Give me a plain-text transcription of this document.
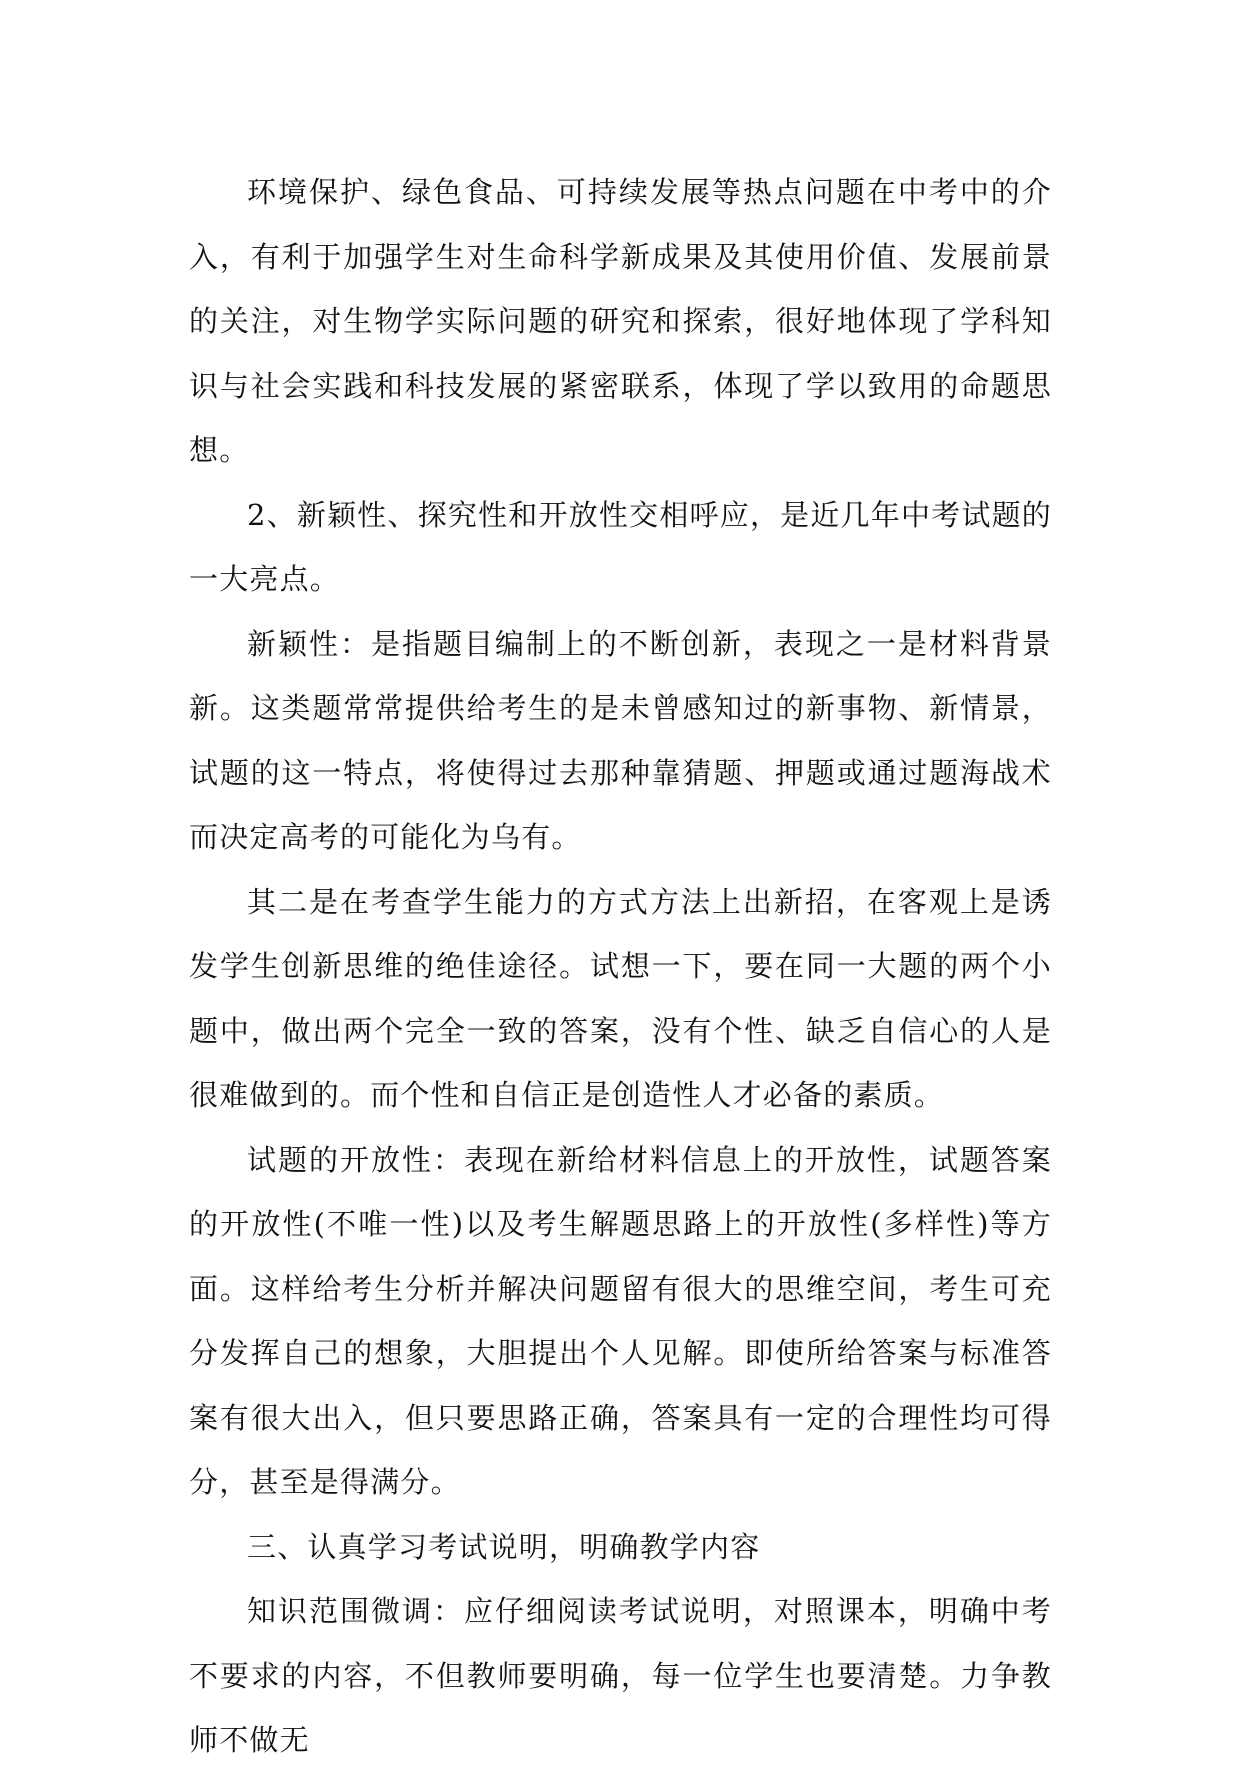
环境保护、绿色食品、可持续发展等热点问题在中考中的介入，有利于加强学生对生命科学新成果及其使用价值、发展前景的关注，对生物学实际问题的研究和探索，很好地体现了学科知识与社会实践和科技发展的紧密联系，体现了学以致用的命题思想。

2、新颖性、探究性和开放性交相呼应，是近几年中考试题的一大亮点。

新颖性：是指题目编制上的不断创新，表现之一是材料背景新。这类题常常提供给考生的是未曾感知过的新事物、新情景，试题的这一特点，将使得过去那种靠猜题、押题或通过题海战术而决定高考的可能化为乌有。

其二是在考查学生能力的方式方法上出新招，在客观上是诱发学生创新思维的绝佳途径。试想一下，要在同一大题的两个小题中，做出两个完全一致的答案，没有个性、缺乏自信心的人是很难做到的。而个性和自信正是创造性人才必备的素质。

试题的开放性：表现在新给材料信息上的开放性，试题答案的开放性(不唯一性)以及考生解题思路上的开放性(多样性)等方面。这样给考生分析并解决问题留有很大的思维空间，考生可充分发挥自己的想象，大胆提出个人见解。即使所给答案与标准答案有很大出入，但只要思路正确，答案具有一定的合理性均可得分，甚至是得满分。

三、认真学习考试说明，明确教学内容

知识范围微调：应仔细阅读考试说明，对照课本，明确中考不要求的内容，不但教师要明确，每一位学生也要清楚。力争教师不做无
